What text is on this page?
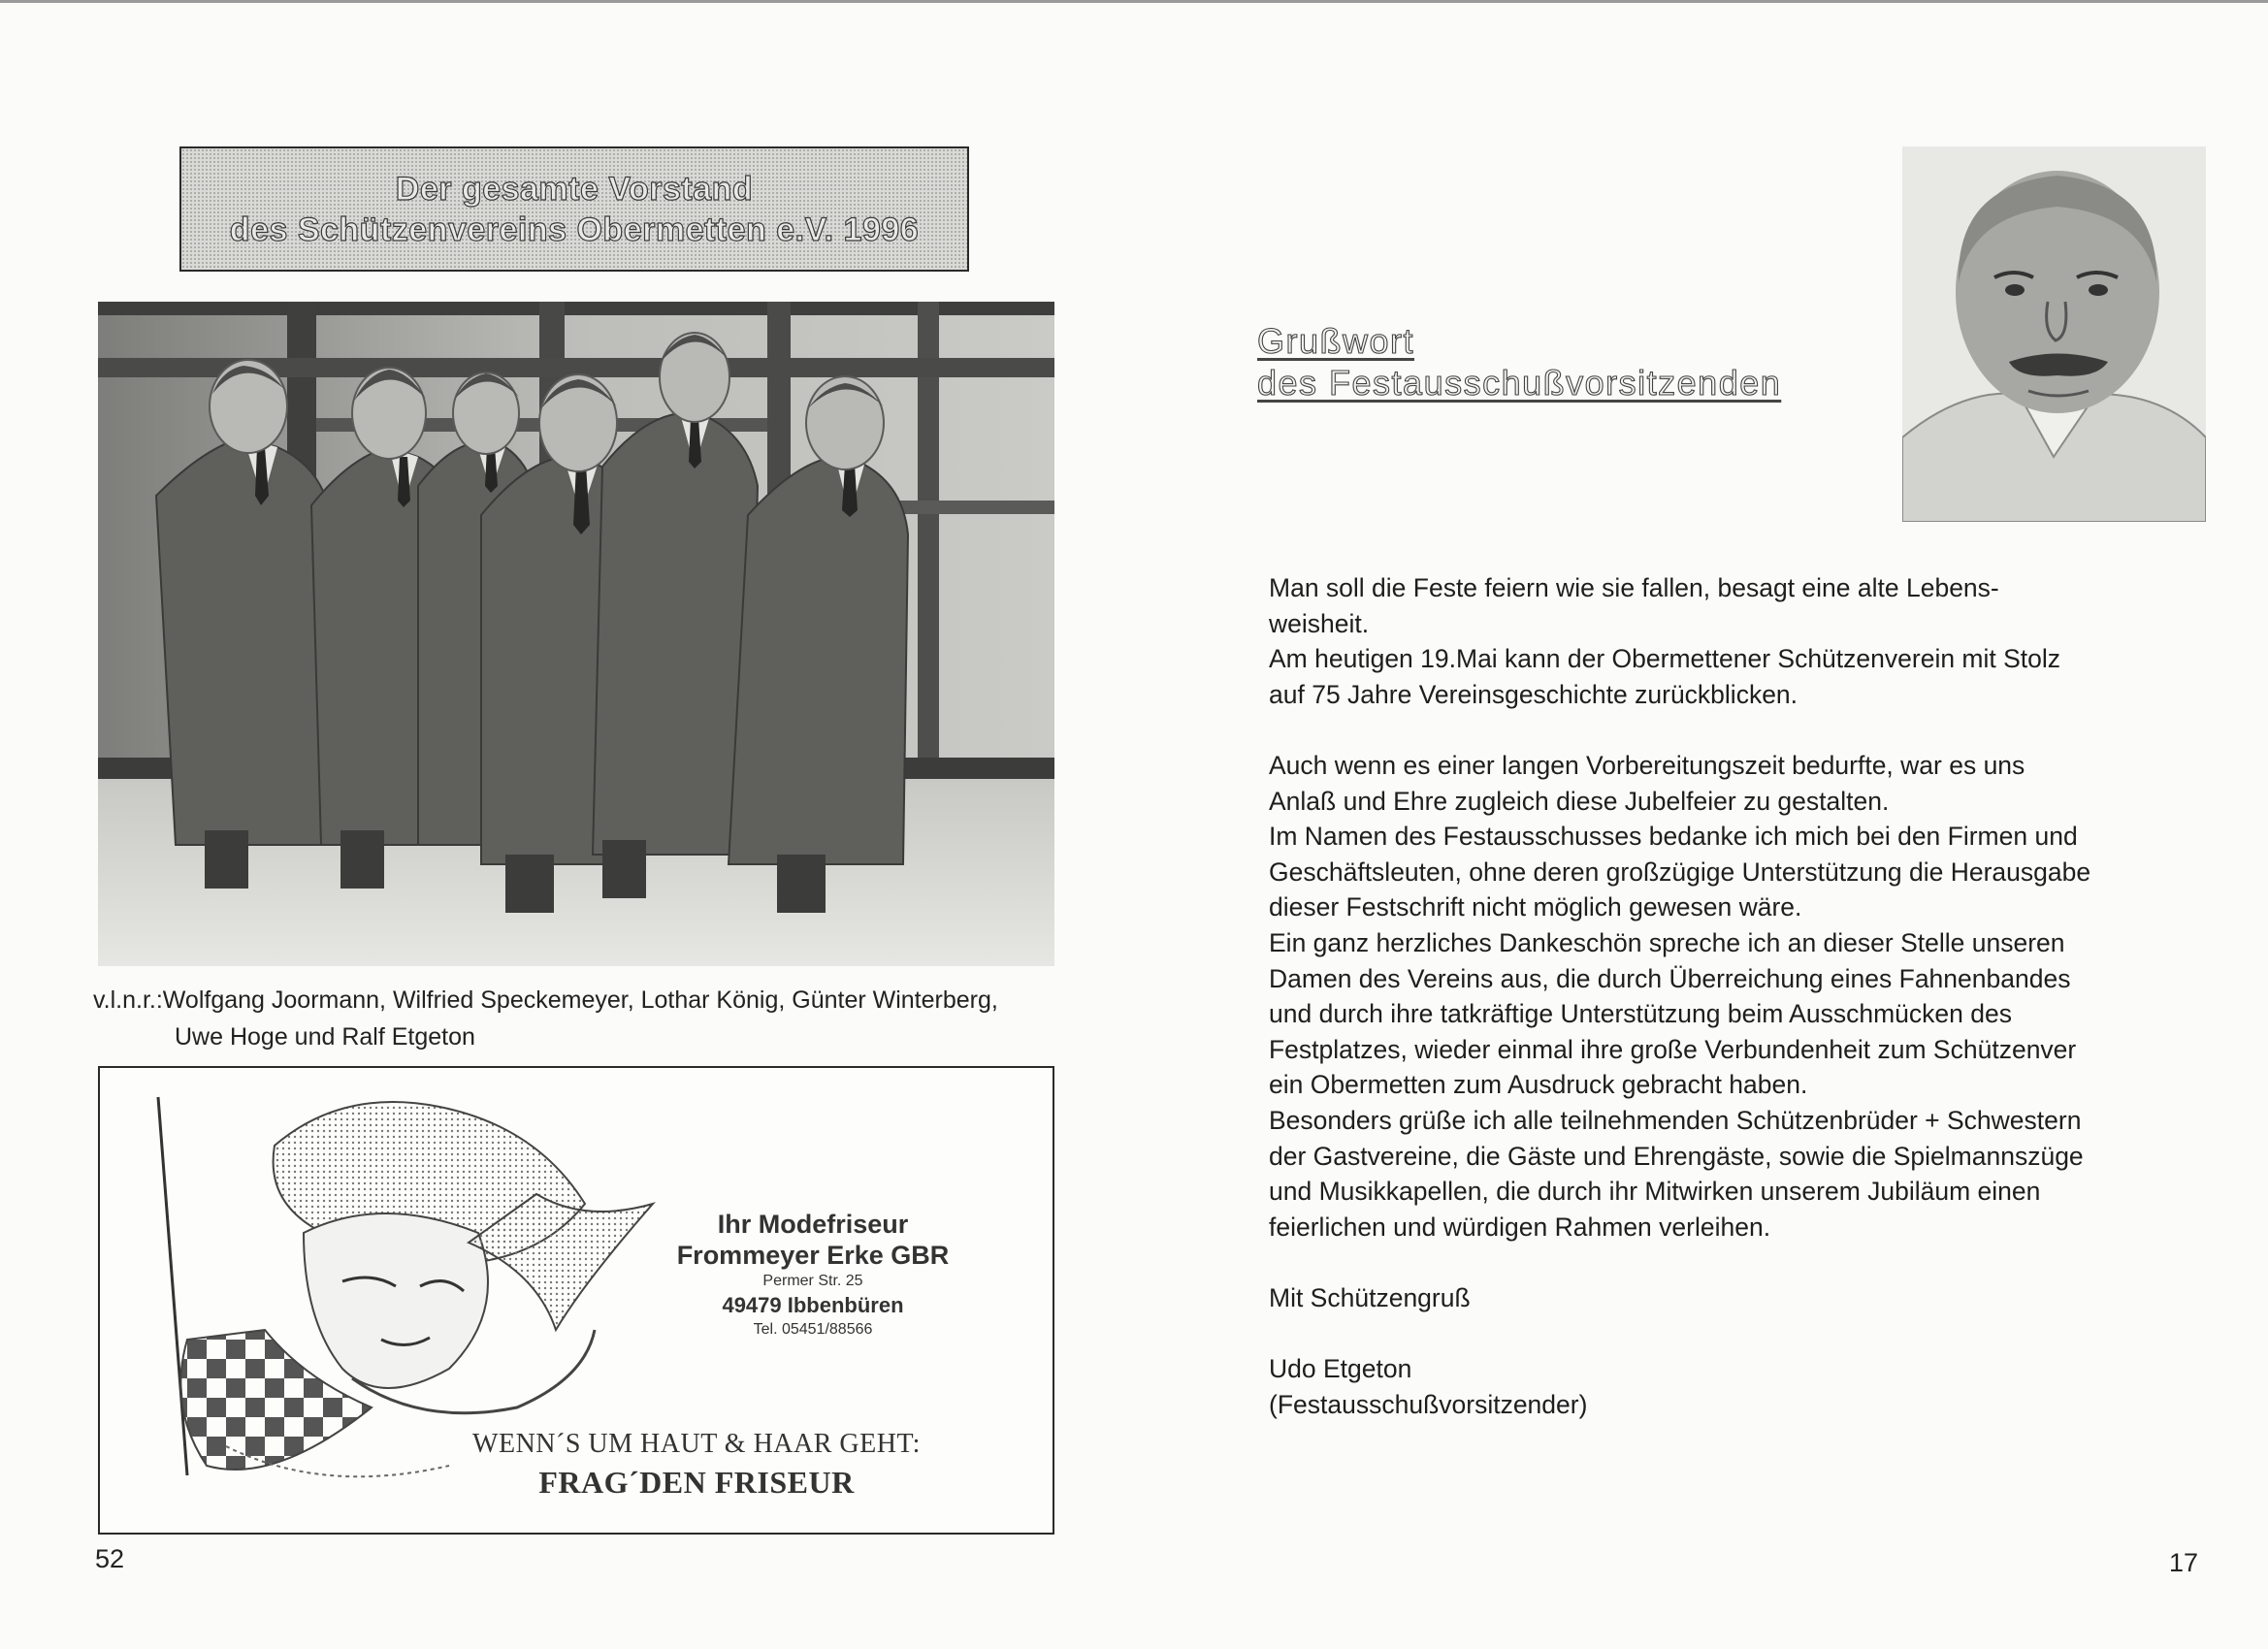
Der gesamte Vorstand
des Schützenvereins Obermetten e.V. 1996
v.l.n.r.:Wolfgang Joormann, Wilfried Speckemeyer, Lothar König, Günter Winterberg,
Uwe Hoge und Ralf Etgeton
Ihr Modefriseur
Frommeyer Erke GBR
Permer Str. 25
49479 Ibbenbüren
Tel. 05451/88566
WENN´S UM HAUT & HAAR GEHT:
FRAG´DEN FRISEUR
52
Grußwort
des Festausschußvorsitzenden

Man soll die Feste feiern wie sie fallen, besagt eine alte Lebens-

weisheit.

Am heutigen 19.Mai kann der Obermettener Schützenverein mit Stolz

auf 75 Jahre Vereinsgeschichte zurückblicken.

Auch wenn es einer langen Vorbereitungszeit bedurfte, war es uns

Anlaß und Ehre zugleich diese Jubelfeier zu gestalten.

Im Namen des Festausschusses bedanke ich mich bei den Firmen und

Geschäftsleuten, ohne deren großzügige Unterstützung die Herausgabe

dieser Festschrift nicht möglich gewesen wäre.

Ein ganz herzliches Dankeschön spreche ich an dieser Stelle unseren

Damen des Vereins aus, die durch Überreichung eines Fahnenbandes

und durch ihre tatkräftige Unterstützung beim Ausschmücken des

Festplatzes, wieder einmal ihre große Verbundenheit zum Schützenver

ein Obermetten zum Ausdruck gebracht haben.

Besonders grüße ich alle teilnehmenden Schützenbrüder + Schwestern

der Gastvereine, die Gäste und Ehrengäste, sowie die Spielmannszüge

und Musikkapellen, die durch ihr Mitwirken unserem Jubiläum einen

feierlichen und würdigen Rahmen verleihen.

Mit Schützengruß

Udo Etgeton

(Festausschußvorsitzender)

17
